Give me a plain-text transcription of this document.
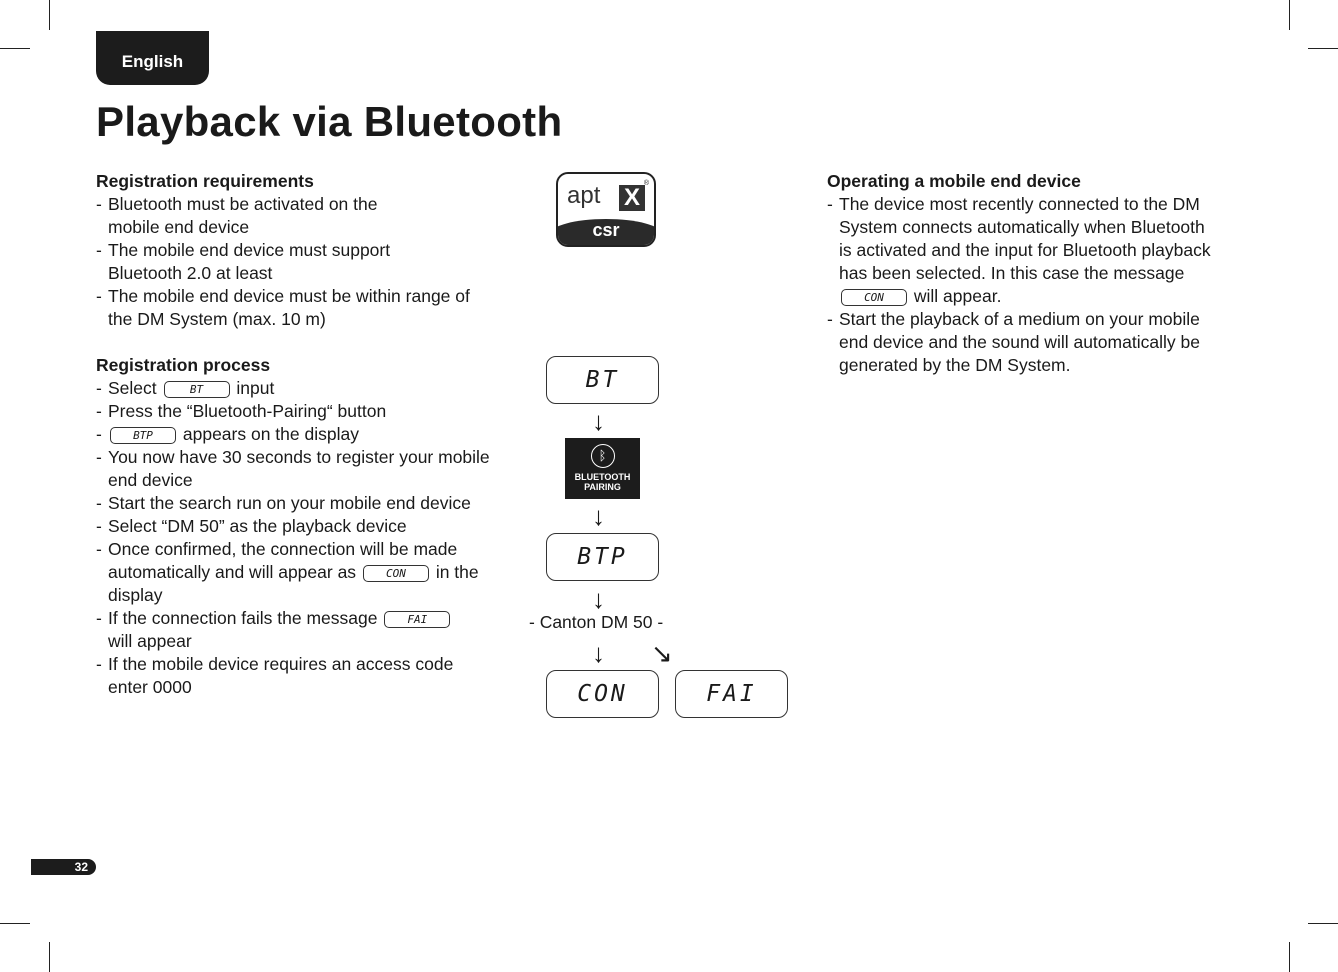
English
Playback via Bluetooth
Registration requirements
- Bluetooth must be activated on the
mobile end device
- The mobile end device must support
Bluetooth 2.0 at least
- The mobile end device must be within range of
the DM System (max. 10 m)
Registration process
- Select	BT input
- Press the “Bluetooth-Pairing“ button
-	BTP appears on the display
- You now have 30 seconds to register your mobile
end device
- Start the search run on your mobile end device
- Select “DM 50” as the playback device
- Once confirmed, the connection will be made
automatically and will appear as	CON in the
display
- If the connection fails the message	FAI
will appear
- If the mobile device requires an access code
enter 0000
apt X
®
csr
BT
↓
ᛒ
BLUETOOTH
PAIRING
↓
BTP
↓
- Canton DM 50 -
↓ ↘
CON	FAI
Operating a mobile end device
- The device most recently connected to the DM
System connects automatically when Bluetooth
is activated and the input for Bluetooth playback
has been selected. In this case the message
CON will appear.
- Start the playback of a medium on your mobile
end device and the sound will automatically be
generated by the DM System.
32
